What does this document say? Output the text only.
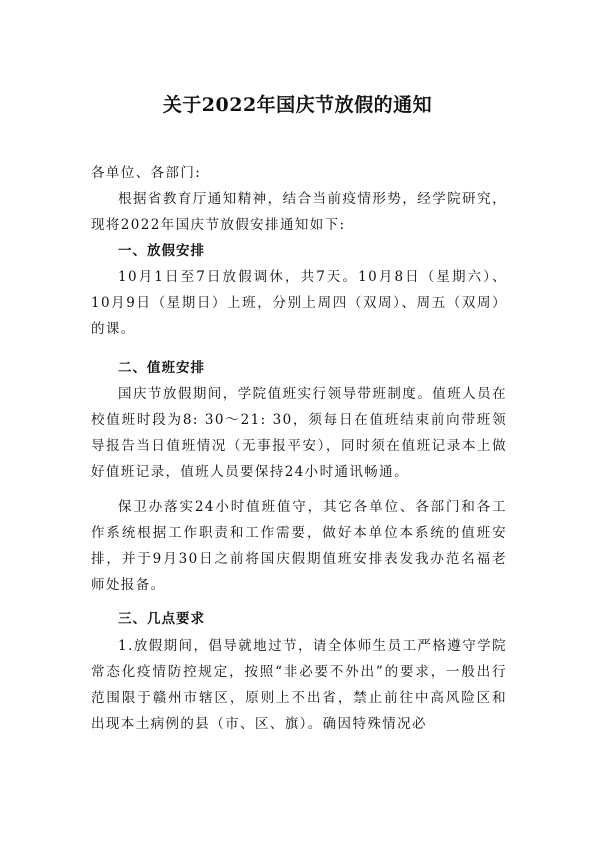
关于2022年国庆节放假的通知
各单位、各部门:
根据省教育厅通知精神，结合当前疫情形势，经学院研究，现将2022年国庆节放假安排通知如下:
一、放假安排
10月1日至7日放假调休，共7天。10月8日（星期六）、10月9日（星期日）上班，分别上周四（双周）、周五（双周）的课。
二、值班安排
国庆节放假期间，学院值班实行领导带班制度。值班人员在校值班时段为8: 30～21: 30，须每日在值班结束前向带班领导报告当日值班情况（无事报平安），同时须在值班记录本上做好值班记录，值班人员要保持24小时通讯畅通。
保卫办落实24小时值班值守，其它各单位、各部门和各工作系统根据工作职责和工作需要，做好本单位本系统的值班安排，并于9月30日之前将国庆假期值班安排表发我办范名福老师处报备。
三、几点要求
1.放假期间，倡导就地过节，请全体师生员工严格遵守学院常态化疫情防控规定，按照“非必要不外出”的要求，一般出行范围限于赣州市辖区，原则上不出省，禁止前往中高风险区和出现本土病例的县（市、区、旗）。确因特殊情况必
